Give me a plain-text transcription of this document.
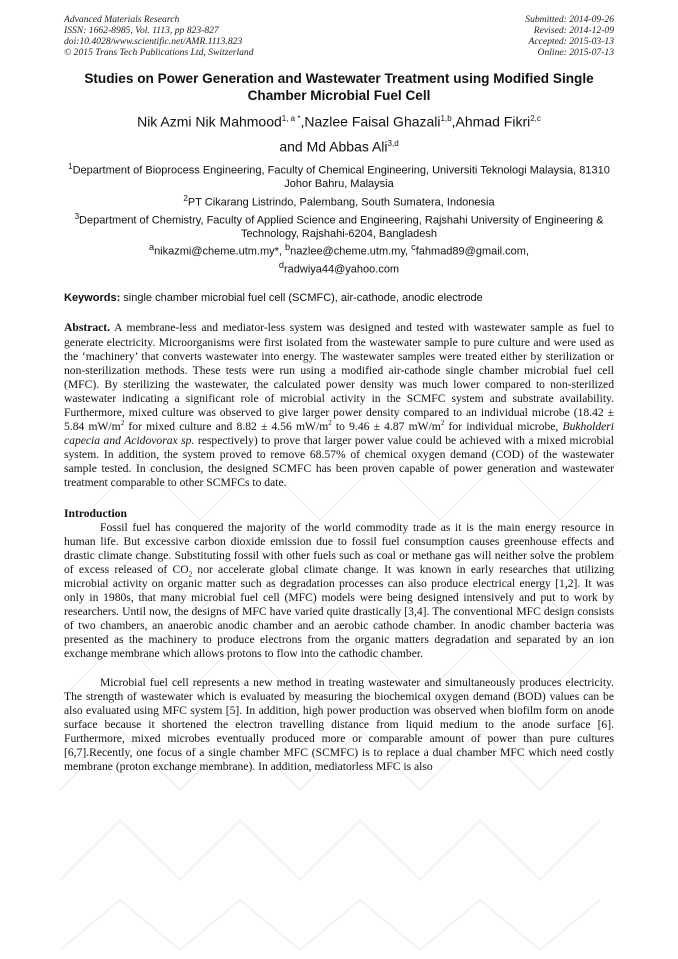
Advanced Materials Research
ISSN: 1662-8985, Vol. 1113, pp 823-827
doi:10.4028/www.scientific.net/AMR.1113.823
© 2015 Trans Tech Publications Ltd, Switzerland
Submitted: 2014-09-26
Revised: 2014-12-09
Accepted: 2015-03-13
Online: 2015-07-13
Studies on Power Generation and Wastewater Treatment using Modified Single Chamber Microbial Fuel Cell
Nik Azmi Nik Mahmood$^{1, a *}$,Nazlee Faisal Ghazali$^{1,b}$,Ahmad Fikri$^{2,c}$
and Md Abbas Ali$^{3,d}$
$^1$Department of Bioprocess Engineering, Faculty of Chemical Engineering, Universiti Teknologi Malaysia, 81310 Johor Bahru, Malaysia
$^2$PT Cikarang Listrindo, Palembang, South Sumatera, Indonesia
$^3$Department of Chemistry, Faculty of Applied Science and Engineering, Rajshahi University of Engineering & Technology, Rajshahi-6204, Bangladesh
$^a$nikazmi@cheme.utm.my*, $^b$nazlee@cheme.utm.my, $^c$fahmad89@gmail.com,
$^d$radwiya44@yahoo.com
Keywords: single chamber microbial fuel cell (SCMFC), air-cathode, anodic electrode
Abstract. A membrane-less and mediator-less system was designed and tested with wastewater sample as fuel to generate electricity. Microorganisms were first isolated from the wastewater sample to pure culture and were used as the ‘machinery’ that converts wastewater into energy. The wastewater samples were treated either by sterilization or non-sterilization methods. These tests were run using a modified air-cathode single chamber microbial fuel cell (MFC). By sterilizing the wastewater, the calculated power density was much lower compared to non-sterilized wastewater indicating a significant role of microbial activity in the SCMFC system and substrate availability. Furthermore, mixed culture was observed to give larger power density compared to an individual microbe (18.42 ± 5.84 $mW/m^2$ for mixed culture and 8.82 ± 4.56 $mW/m^2$ to 9.46 ± 4.87 $mW/m^2$ for individual microbe, Bukholderi capecia and Acidovorax sp. respectively) to prove that larger power value could be achieved with a mixed microbial system. In addition, the system proved to remove 68.57% of chemical oxygen demand (COD) of the wastewater sample tested. In conclusion, the designed SCMFC has been proven capable of power generation and wastewater treatment comparable to other SCMFCs to date.
Introduction

Fossil fuel has conquered the majority of the world commodity trade as it is the main energy resource in human life. But excessive carbon dioxide emission due to fossil fuel consumption causes greenhouse effects and drastic climate change. Substituting fossil with other fuels such as coal or methane gas will neither solve the problem of excess released of $CO_2$ nor accelerate global climate change. It was known in early researches that utilizing microbial activity on organic matter such as degradation processes can also produce electrical energy [1,2]. It was only in 1980s, that many microbial fuel cell (MFC) models were being designed intensively and put to work by researchers. Until now, the designs of MFC have varied quite drastically [3,4]. The conventional MFC design consists of two chambers, an anaerobic anodic chamber and an aerobic cathode chamber. In anodic chamber bacteria was presented as the machinery to produce electrons from the organic matters degradation and separated by an ion exchange membrane which allows protons to flow into the cathodic chamber.

Microbial fuel cell represents a new method in treating wastewater and simultaneously produces electricity. The strength of wastewater which is evaluated by measuring the biochemical oxygen demand (BOD) values can be also evaluated using MFC system [5]. In addition, high power production was observed when biofilm form on anode surface because it shortened the electron travelling distance from liquid medium to the anode surface [6]. Furthermore, mixed microbes eventually produced more or comparable amount of power than pure cultures [6,7].Recently, one focus of a single chamber MFC (SCMFC) is to replace a dual chamber MFC which need costly membrane (proton exchange membrane). In addition, mediatorless MFC is also
